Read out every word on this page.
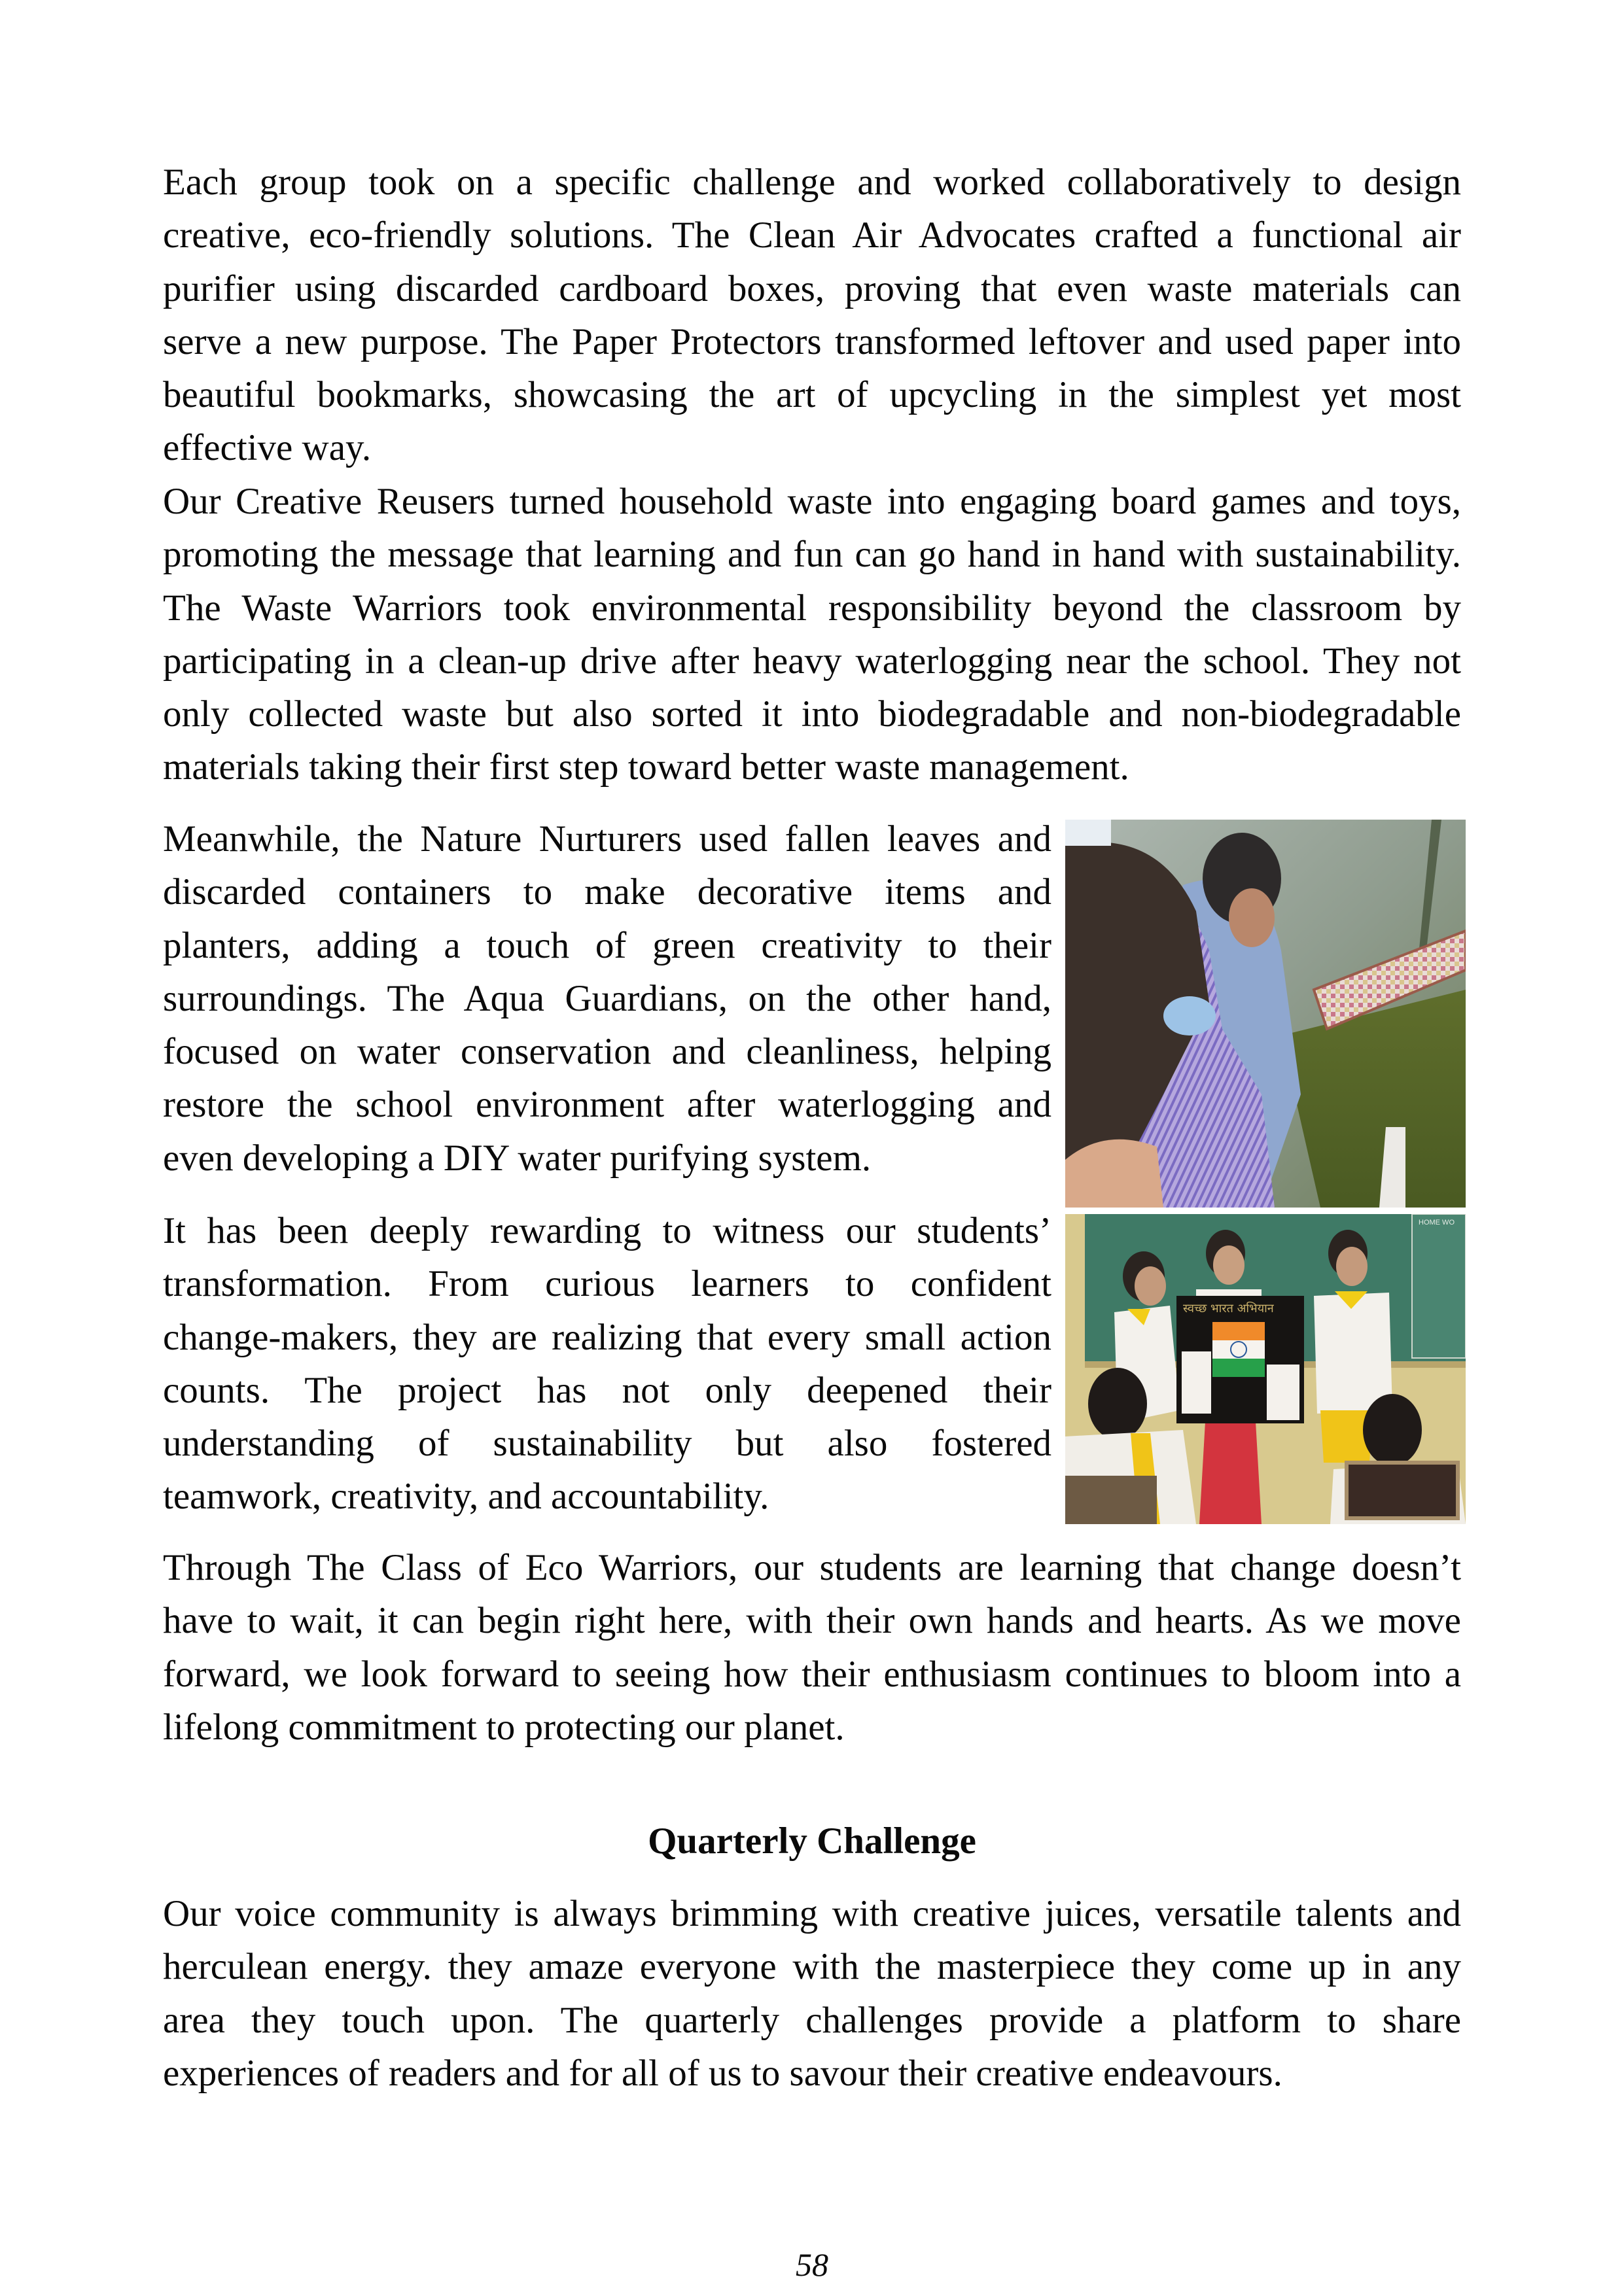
Each group took on a specific challenge and worked collaboratively to design
creative, eco-friendly solutions. The Clean Air Advocates crafted a functional air
purifier using discarded cardboard boxes, proving that even waste materials can
serve a new purpose. The Paper Protectors transformed leftover and used paper into
beautiful bookmarks, showcasing the art of upcycling in the simplest yet most
effective way.
Our Creative Reusers turned household waste into engaging board games and toys,
promoting the message that learning and fun can go hand in hand with sustainability.
The Waste Warriors took environmental responsibility beyond the classroom by
participating in a clean-up drive after heavy waterlogging near the school. They not
only collected waste but also sorted it into biodegradable and non-biodegradable
materials taking their first step toward better waste management.
Meanwhile, the Nature Nurturers used fallen leaves and
discarded containers to make decorative items and
planters, adding a touch of green creativity to their
surroundings. The Aqua Guardians, on the other hand,
focused on water conservation and cleanliness, helping
restore the school environment after waterlogging and
even developing a DIY water purifying system.
It has been deeply rewarding to witness our students’
transformation. From curious learners to confident
change-makers, they are realizing that every small action
counts. The project has not only deepened their
understanding of sustainability but also fostered
teamwork, creativity, and accountability.
HOME WO
स्वच्छ भारत अभियान
Through The Class of Eco Warriors, our students are learning that change doesn’t
have to wait, it can begin right here, with their own hands and hearts. As we move
forward, we look forward to seeing how their enthusiasm continues to bloom into a
lifelong commitment to protecting our planet.
Quarterly Challenge
Our voice community is always brimming with creative juices, versatile talents and
herculean energy. they amaze everyone with the masterpiece they come up in any
area they touch upon. The quarterly challenges provide a platform to share
experiences of readers and for all of us to savour their creative endeavours.
58
